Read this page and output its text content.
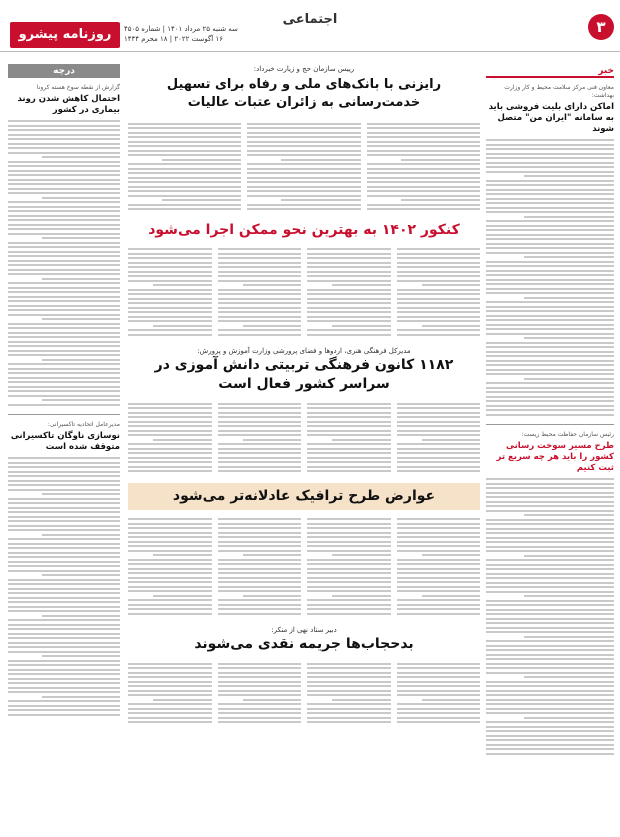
۳
اجتماعی
سه شنبه ۲۵ مرداد ۱۴۰۱ | شماره ۴۵۰۵
۱۶ آگوست ۲۰۲۲ | ۱۸ محرم ۱۴۴۴
روزنامه پیشرو
خبر
معاون فنی مرکز سلامت محیط و کار وزارت بهداشت:
اماکن دارای بلیت فروشی باید به سامانه "ایران من" متصل شوند
رئیس سازمان حفاظت محیط زیست:
طرح مسیر سوخت رسانی کشور را باید هر چه سریع تر ثبت کنیم
درچه
گزارش از نقطه سوخ هسته کرونا
احتمال کاهش شدن روند بیماری در کشور
مدیرعامل اتحادیه تاکسیرانی:
نوسازی ناوگان تاکسیرانی متوقف شده است
رییس سازمان حج و زیارت خبرداد:
رایزنی با بانک‌های ملی و رفاه برای تسهیل خدمت‌رسانی به زائران عتبات عالیات
کنکور ۱۴۰۲ به بهترین نحو ممکن اجرا می‌شود
مدیرکل فرهنگی هنری، اردوها و فضای پرورشی وزارت آموزش و پرورش:
۱۱۸۲ کانون فرهنگی تربیتی دانش آموزی در سراسر کشور فعال است
عوارض طرح ترافیک عادلانه‌تر می‌شود
دبیر ستاد نهی از منکر:
بدحجاب‌ها جریمه نقدی می‌شوند
